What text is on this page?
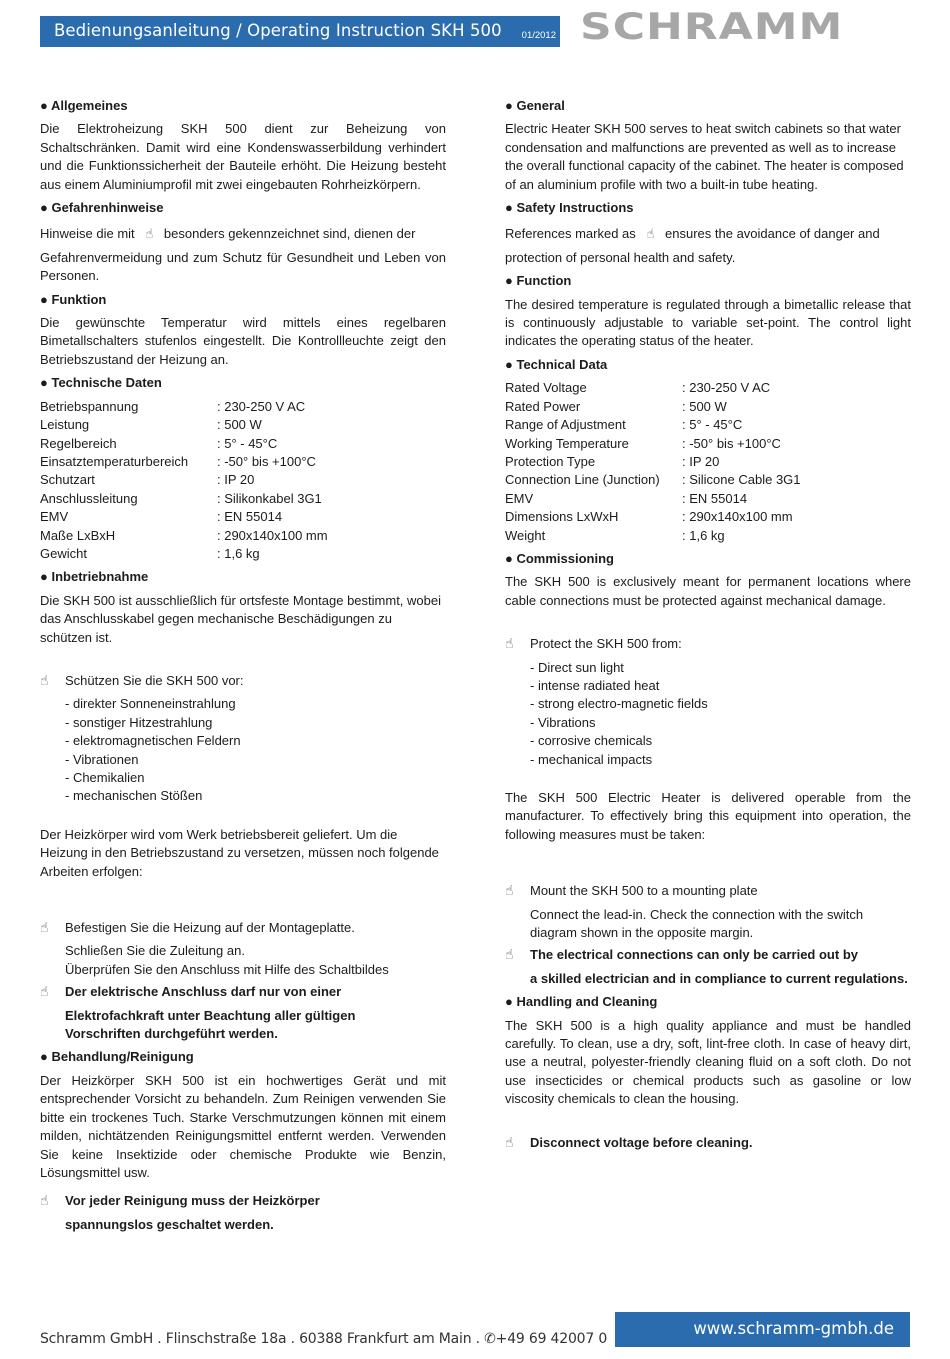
Bedienungsanleitung / Operating Instruction SKH 500 01/2012 SCHRAMM
● Allgemeines
Die Elektroheizung SKH 500 dient zur Beheizung von Schaltschränken. Damit wird eine Kondenswasserbildung verhindert und die Funktionssicherheit der Bauteile erhöht. Die Heizung besteht aus einem Aluminiumprofil mit zwei eingebauten Rohrheizkörpern.
● Gefahrenhinweise
Hinweise die mit ☝ besonders gekennzeichnet sind, dienen der
Gefahrenvermeidung und zum Schutz für Gesundheit und Leben von Personen.
● Funktion
Die gewünschte Temperatur wird mittels eines regelbaren Bimetallschalters stufenlos eingestellt. Die Kontrollleuchte zeigt den Betriebszustand der Heizung an.
● Technische Daten
Betriebspannung	: 230-250 V AC
Leistung	: 500 W
Regelbereich	: 5° - 45°C
Einsatztemperaturbereich	: -50° bis +100°C
Schutzart	: IP 20
Anschlussleitung	: Silikonkabel 3G1
EMV	: EN 55014
Maße LxBxH	: 290x140x100 mm
Gewicht	: 1,6 kg
● Inbetriebnahme
Die SKH 500 ist ausschließlich für ortsfeste Montage bestimmt, wobei das Anschlusskabel gegen mechanische Beschädigungen zu schützen ist.
☝	Schützen Sie die SKH 500 vor:
- direkter Sonneneinstrahlung
- sonstiger Hitzestrahlung
- elektromagnetischen Feldern
- Vibrationen
- Chemikalien
- mechanischen Stößen
Der Heizkörper wird vom Werk betriebsbereit geliefert. Um die Heizung in den Betriebszustand zu versetzen, müssen noch folgende Arbeiten erfolgen:
☝	Befestigen Sie die Heizung auf der Montageplatte.
Schließen Sie die Zuleitung an.
Überprüfen Sie den Anschluss mit Hilfe des Schaltbildes
☝	Der elektrische Anschluss darf nur von einer
Elektrofachkraft unter Beachtung aller gültigen
Vorschriften durchgeführt werden.
● Behandlung/Reinigung
Der Heizkörper SKH 500 ist ein hochwertiges Gerät und mit entsprechender Vorsicht zu behandeln. Zum Reinigen verwenden Sie bitte ein trockenes Tuch. Starke Verschmutzungen können mit einem milden, nichtätzenden Reinigungsmittel entfernt werden. Verwenden Sie keine Insektizide oder chemische Produkte wie Benzin, Lösungsmittel usw.
☝	Vor jeder Reinigung muss der Heizkörper
spannungslos geschaltet werden.
● General
Electric Heater SKH 500 serves to heat switch cabinets so that water condensation and malfunctions are prevented as well as to increase the overall functional capacity of the cabinet. The heater is composed of an aluminium profile with two a built-in tube heating.
● Safety Instructions
References marked as ☝ ensures the avoidance of danger and
protection of personal health and safety.
● Function
The desired temperature is regulated through a bimetallic release that is continuously adjustable to variable set-point. The control light indicates the operating status of the heater.
● Technical Data
Rated Voltage	: 230-250 V AC
Rated Power	: 500 W
Range of Adjustment	: 5° - 45°C
Working Temperature	: -50° bis +100°C
Protection Type	: IP 20
Connection Line (Junction)	: Silicone Cable 3G1
EMV	: EN 55014
Dimensions LxWxH	: 290x140x100 mm
Weight	: 1,6 kg
● Commissioning
The SKH 500 is exclusively meant for permanent locations where cable connections must be protected against mechanical damage.
☝	Protect the SKH 500 from:
- Direct sun light
- intense radiated heat
- strong electro-magnetic fields
- Vibrations
- corrosive chemicals
- mechanical impacts
The SKH 500 Electric Heater is delivered operable from the manufacturer. To effectively bring this equipment into operation, the following measures must be taken:
☝	Mount the SKH 500 to a mounting plate
Connect the lead-in. Check the connection with the switch diagram shown in the opposite margin.
☝	The electrical connections can only be carried out by
a skilled electrician and in compliance to current regulations.
● Handling and Cleaning
The SKH 500 is a high quality appliance and must be handled carefully. To clean, use a dry, soft, lint-free cloth. In case of heavy dirt, use a neutral, polyester-friendly cleaning fluid on a soft cloth. Do not use insecticides or chemical products such as gasoline or low viscosity chemicals to clean the housing.
☝	Disconnect voltage before cleaning.
Schramm GmbH . Flinschstraße 18a . 60388 Frankfurt am Main . ✆+49 69 42007 0
www.schramm-gmbh.de
